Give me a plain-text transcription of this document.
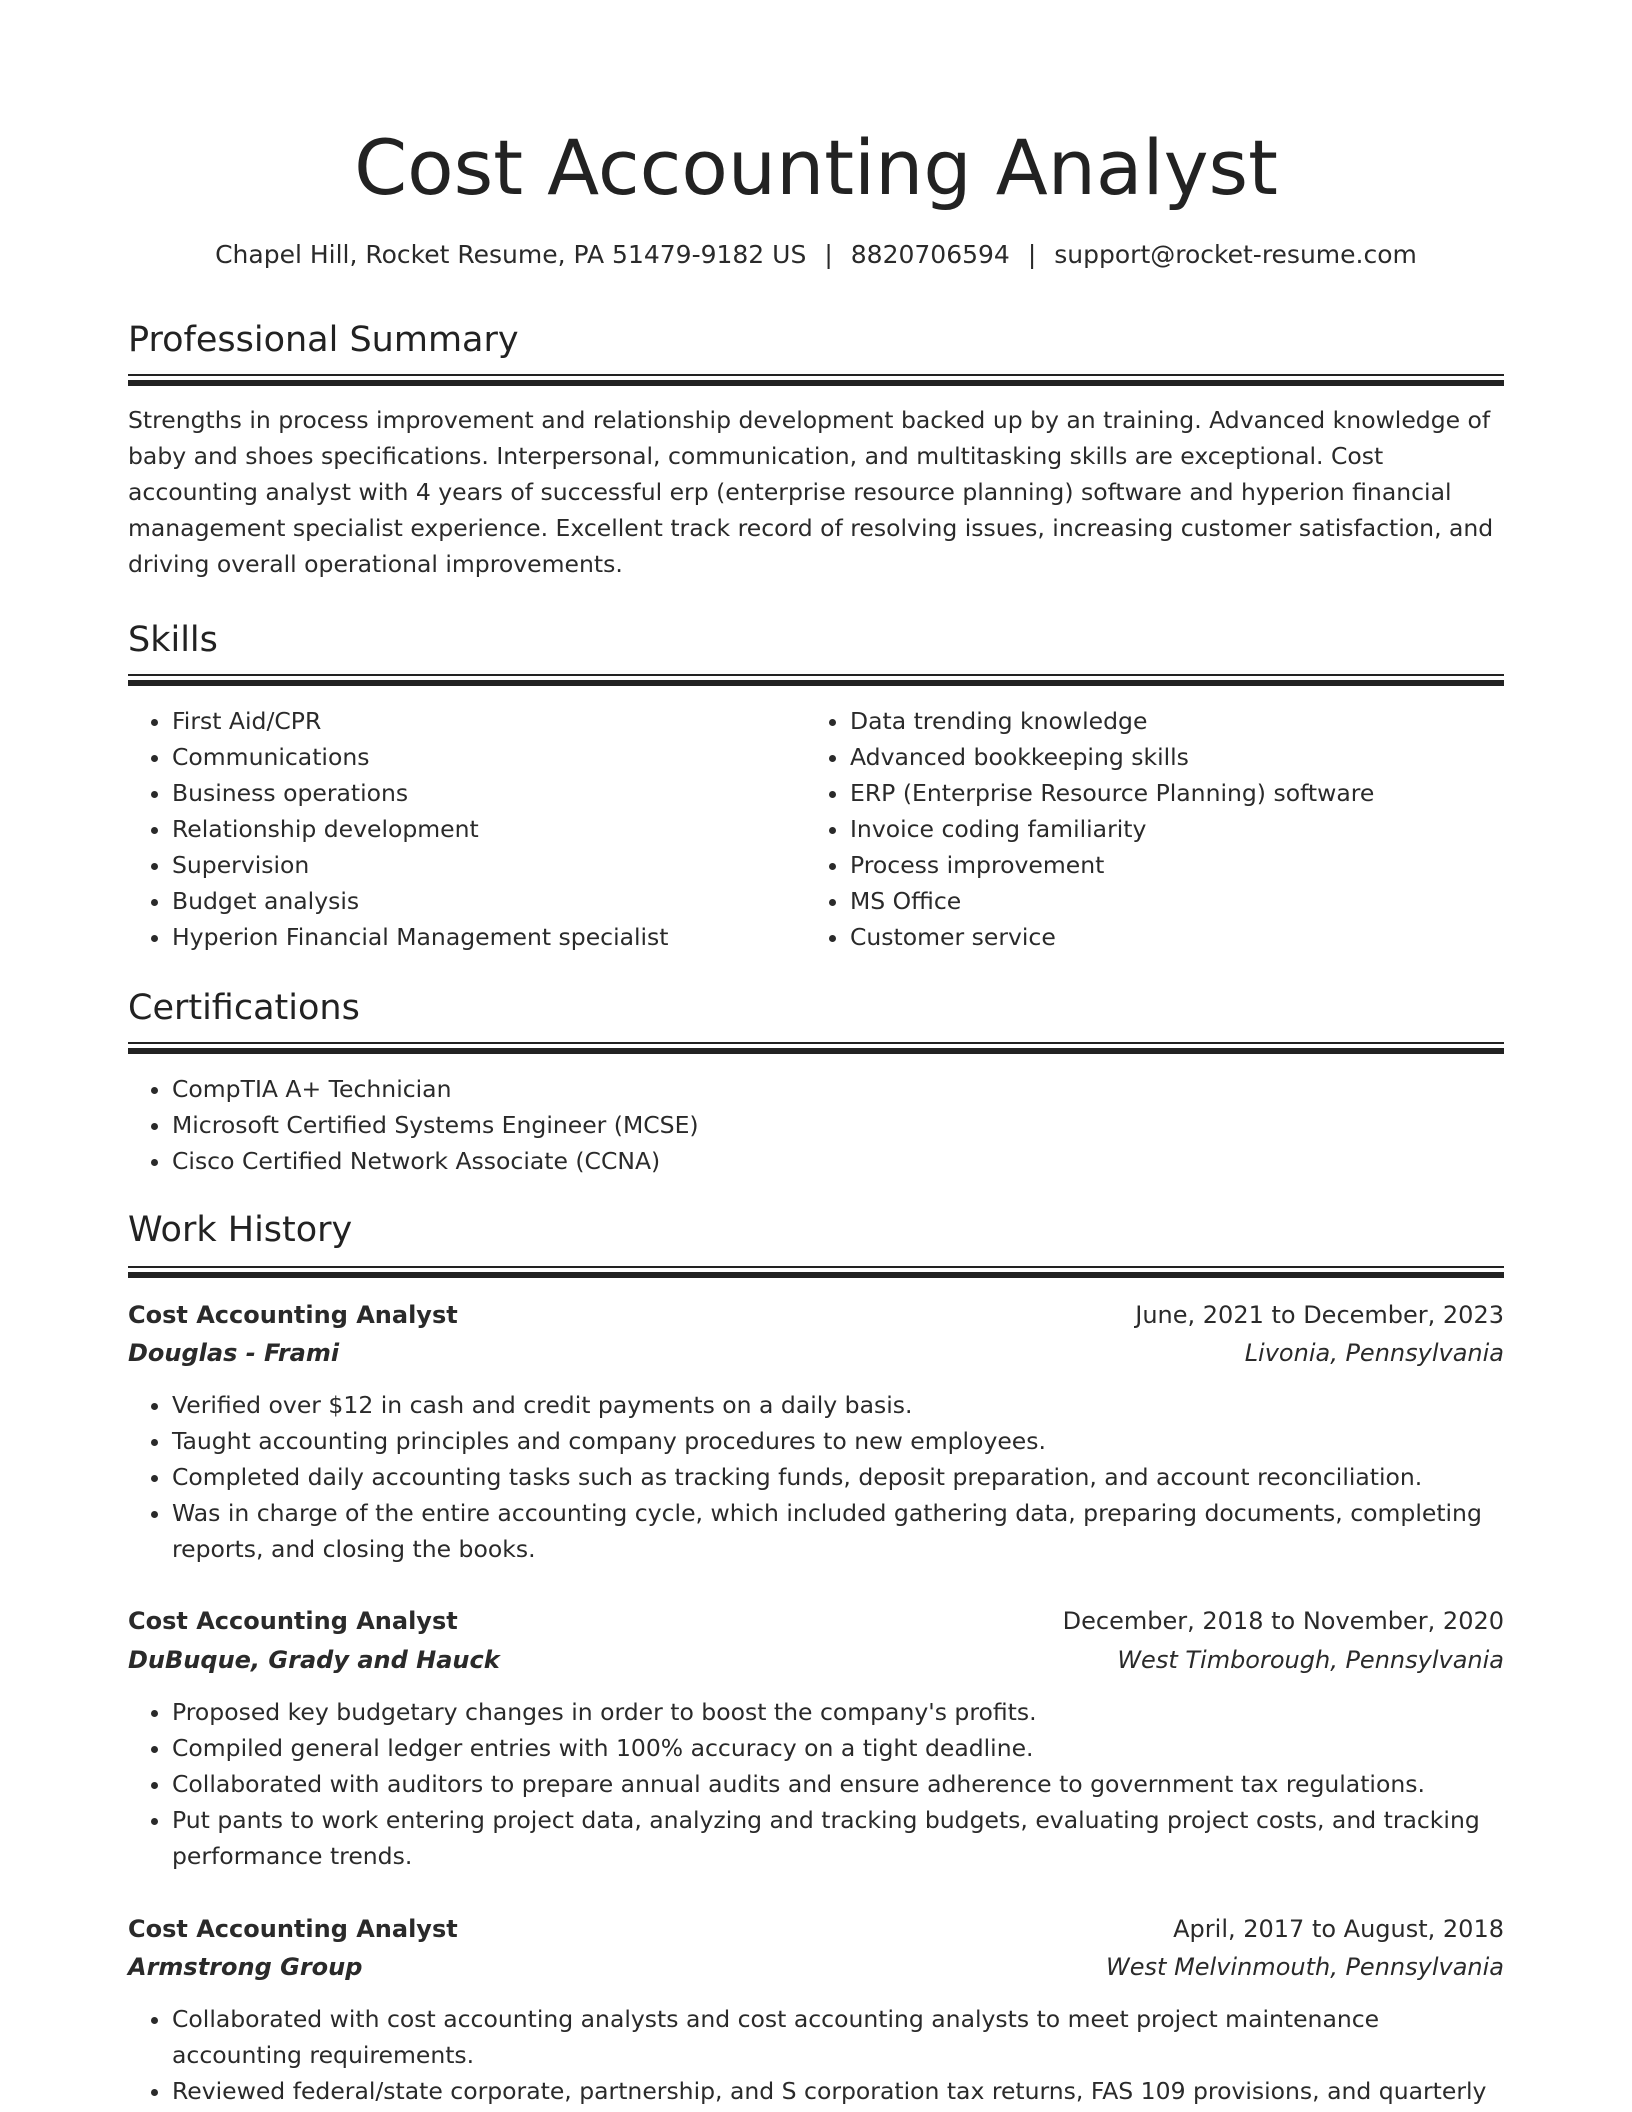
Cost Accounting Analyst
Chapel Hill, Rocket Resume, PA 51479-9182 US | 8820706594 | support@rocket-resume.com
Professional Summary

Strengths in process improvement and relationship development backed up by an training. Advanced knowledge of baby and shoes specifications. Interpersonal, communication, and multitasking skills are exceptional. Cost accounting analyst with 4 years of successful erp (enterprise resource planning) software and hyperion financial management specialist experience. Excellent track record of resolving issues, increasing customer satisfaction, and driving overall operational improvements.

Skills
• First Aid/CPR
• Communications
• Business operations
• Relationship development
• Supervision
• Budget analysis
• Hyperion Financial Management specialist
• Data trending knowledge
• Advanced bookkeeping skills
• ERP (Enterprise Resource Planning) software
• Invoice coding familiarity
• Process improvement
• MS Office
• Customer service
Certifications
• CompTIA A+ Technician
• Microsoft Certified Systems Engineer (MCSE)
• Cisco Certified Network Associate (CCNA)
Work History
Cost Accounting Analyst	June, 2021 to December, 2023
Douglas - Frami	Livonia, Pennsylvania
• Verified over $12 in cash and credit payments on a daily basis.
• Taught accounting principles and company procedures to new employees.
• Completed daily accounting tasks such as tracking funds, deposit preparation, and account reconciliation.
• Was in charge of the entire accounting cycle, which included gathering data, preparing documents, completing reports, and closing the books.
Cost Accounting Analyst	December, 2018 to November, 2020
DuBuque, Grady and Hauck	West Timborough, Pennsylvania
• Proposed key budgetary changes in order to boost the company's profits.
• Compiled general ledger entries with 100% accuracy on a tight deadline.
• Collaborated with auditors to prepare annual audits and ensure adherence to government tax regulations.
• Put pants to work entering project data, analyzing and tracking budgets, evaluating project costs, and tracking performance trends.
Cost Accounting Analyst	April, 2017 to August, 2018
Armstrong Group	West Melvinmouth, Pennsylvania
• Collaborated with cost accounting analysts and cost accounting analysts to meet project maintenance accounting requirements.
• Reviewed federal/state corporate, partnership, and S corporation tax returns, FAS 109 provisions, and quarterly
